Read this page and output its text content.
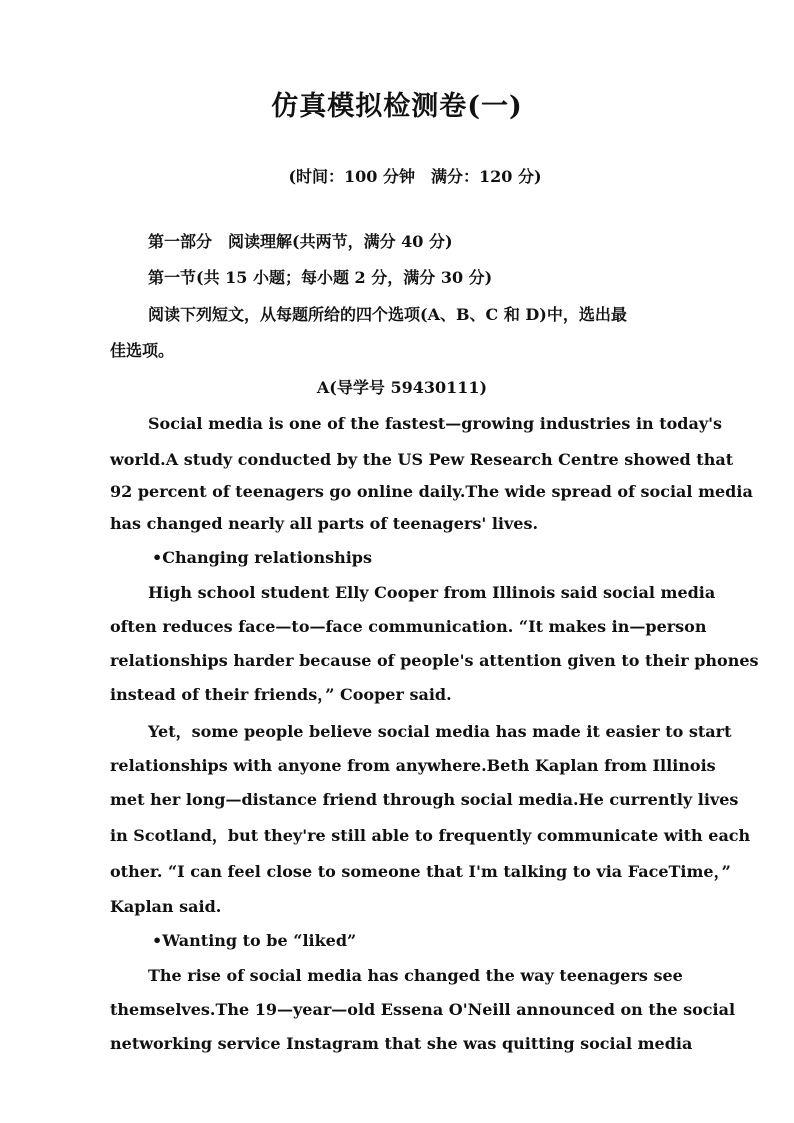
仿真模拟检测卷(一)
(时间：100 分钟　满分：120 分)
第一部分　阅读理解(共两节，满分 40 分)
第一节(共 15 小题；每小题 2 分，满分 30 分)
阅读下列短文，从每题所给的四个选项(A、B、C 和 D)中，选出最
佳选项。
A(导学号 59430111)
Social media is one of the fastest—growing industries in today's
world.A study conducted by the US Pew Research Centre showed that
92 percent of teenagers go online daily.The wide spread of social media
has changed nearly all parts of teenagers' lives.
•Changing relationships
High school student Elly Cooper from Illinois said social media
often reduces face—to—face communication. “It makes in—person
relationships harder because of people's attention given to their phones
instead of their friends，” Cooper said.
Yet，some people believe social media has made it easier to start
relationships with anyone from anywhere.Beth Kaplan from Illinois
met her long—distance friend through social media.He currently lives
in Scotland，but they're still able to frequently communicate with each
other. “I can feel close to someone that I'm talking to via FaceTime，”
Kaplan said.
•Wanting to be “liked”
The rise of social media has changed the way teenagers see
themselves.The 19—year—old Essena O'Neill announced on the social
networking service Instagram that she was quitting social media
